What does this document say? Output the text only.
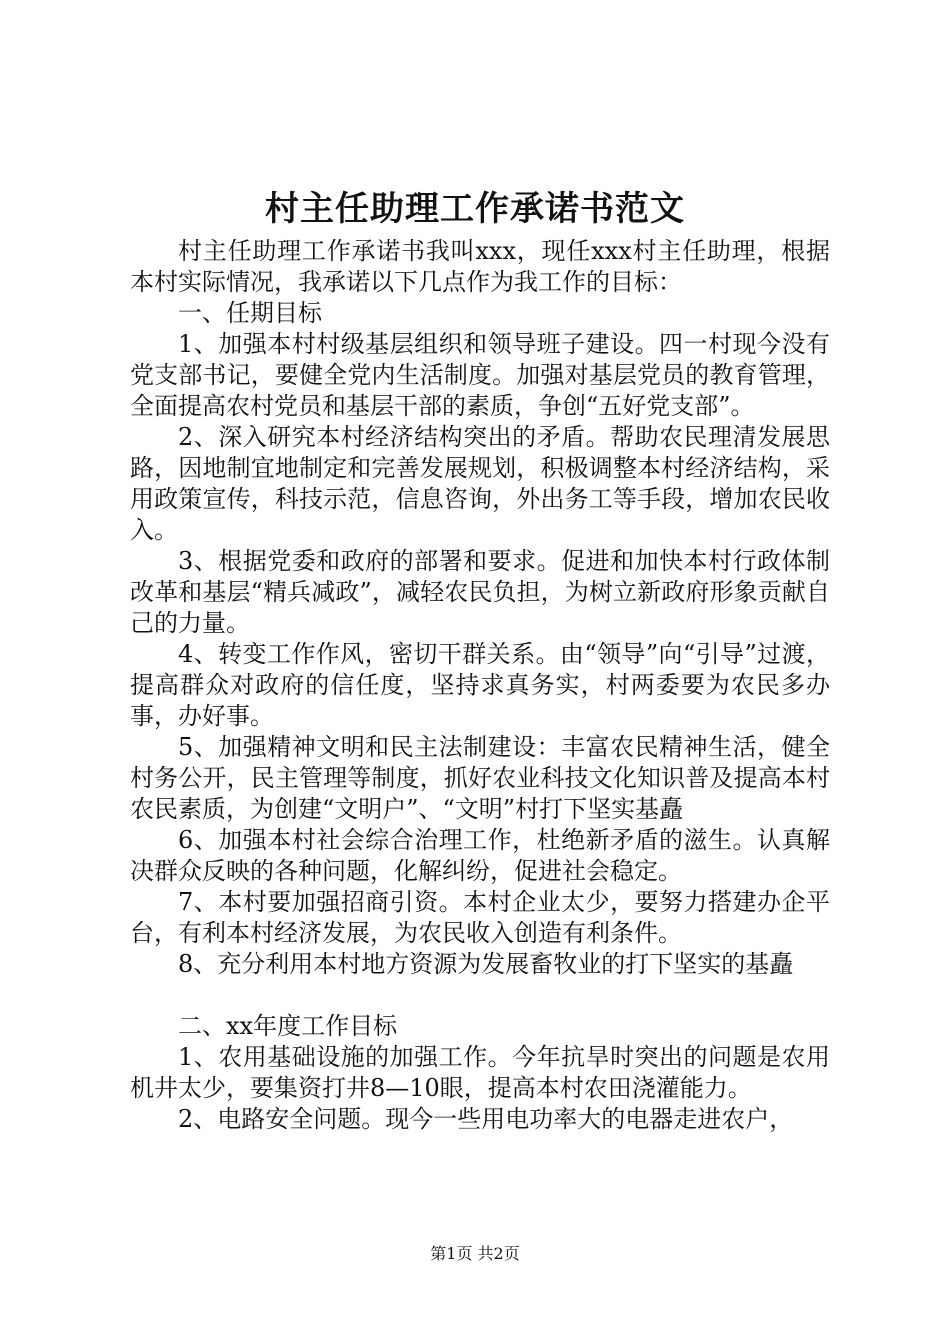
村主任助理工作承诺书范文

村主任助理工作承诺书我叫xxx，现任xxx村主任助理，根据本村实际情况，我承诺以下几点作为我工作的目标：

一、任期目标

1、加强本村村级基层组织和领导班子建设。四一村现今没有党支部书记，要健全党内生活制度。加强对基层党员的教育管理，全面提高农村党员和基层干部的素质，争创“五好党支部”。

2、深入研究本村经济结构突出的矛盾。帮助农民理清发展思路，因地制宜地制定和完善发展规划，积极调整本村经济结构，采用政策宣传，科技示范，信息咨询，外出务工等手段，增加农民收入。

3、根据党委和政府的部署和要求。促进和加快本村行政体制改革和基层“精兵减政”，减轻农民负担，为树立新政府形象贡献自己的力量。

4、转变工作作风，密切干群关系。由“领导”向“引导”过渡，提高群众对政府的信任度，坚持求真务实，村两委要为农民多办事，办好事。

5、加强精神文明和民主法制建设：丰富农民精神生活，健全村务公开，民主管理等制度，抓好农业科技文化知识普及提高本村农民素质，为创建“文明户”、“文明”村打下坚实基矗

6、加强本村社会综合治理工作，杜绝新矛盾的滋生。认真解决群众反映的各种问题，化解纠纷，促进社会稳定。

7、本村要加强招商引资。本村企业太少，要努力搭建办企平台，有利本村经济发展，为农民收入创造有利条件。

8、充分利用本村地方资源为发展畜牧业的打下坚实的基矗

二、xx年度工作目标

1、农用基础设施的加强工作。今年抗旱时突出的问题是农用机井太少，要集资打井8—10眼，提高本村农田浇灌能力。

2、电路安全问题。现今一些用电功率大的电器走进农户，

第1页 共2页
